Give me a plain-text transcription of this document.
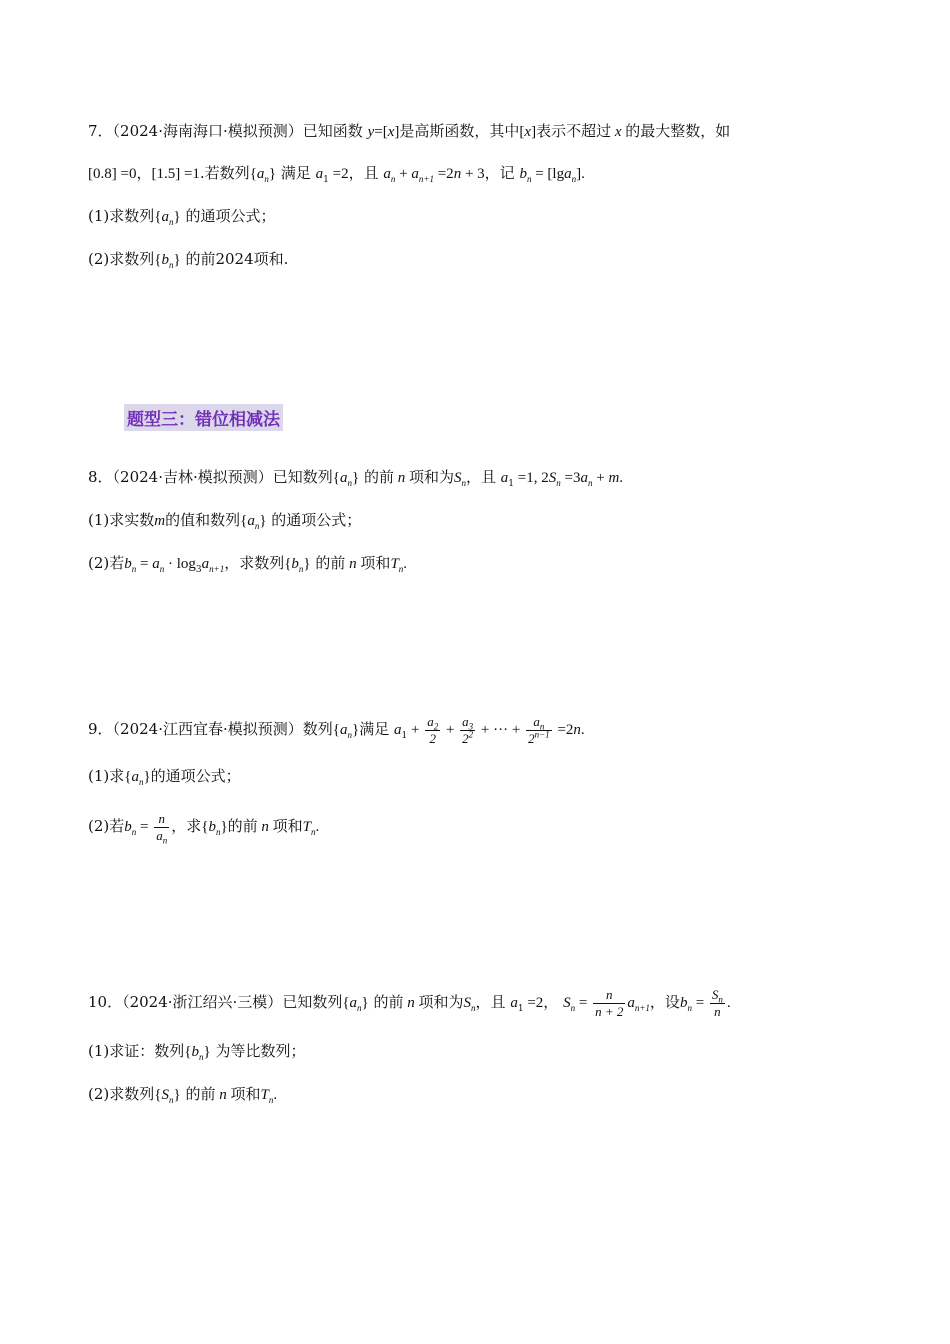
7．（2024·海南海口·模拟预测）已知函数 y=[x]是高斯函数，其中[x]表示不超过 x 的最大整数，如
[0.8] =0，[1.5] =1.若数列$\{a_n\}$ 满足 $a_1 =2$，且 $a_n + a_{n+1} =2n + 3$，记 $b_n = [\lg a_n]$.
(1)求数列$\{a_n\}$ 的通项公式；
(2)求数列$\{b_n\}$ 的前2024项和.
题型三：错位相减法
8．（2024·吉林·模拟预测）已知数列$\{a_n\}$ 的前 n 项和为$S_n$，且 $a_1 =1$, $2S_n =3a_n + m$.
(1)求实数m的值和数列$\{a_n\}$ 的通项公式；
(2)若$b_n = a_n \cdot \log_3a_{n+1}$，求数列$\{b_n\}$ 的前 n 项和$T_n$.
9．（2024·江西宜春·模拟预测）数列$\{a_n\}$满足 $a_1 + \frac{a_2}{2} + \frac{a_3}{2^2}$ + ··· + $\frac{a_n}{2^{n-1}} =2n$.
(1)求$\{a_n\}$的通项公式；
(2)若$b_n = \frac{n}{a_n}$ ，求$\{b_n\}$的前 n 项和$T_n$.
10．（2024·浙江绍兴·三模）已知数列$\{a_n\}$ 的前 n 项和为$S_n$，且 $a_1 =2$， $S_n = \frac{n}{n + 2} a_{n+1}$，设$b_n = \frac{S_n}{n}$ .
(1)求证：数列$\{b_n\}$ 为等比数列；
(2)求数列$\{S_n\}$ 的前 n 项和$T_n$.
